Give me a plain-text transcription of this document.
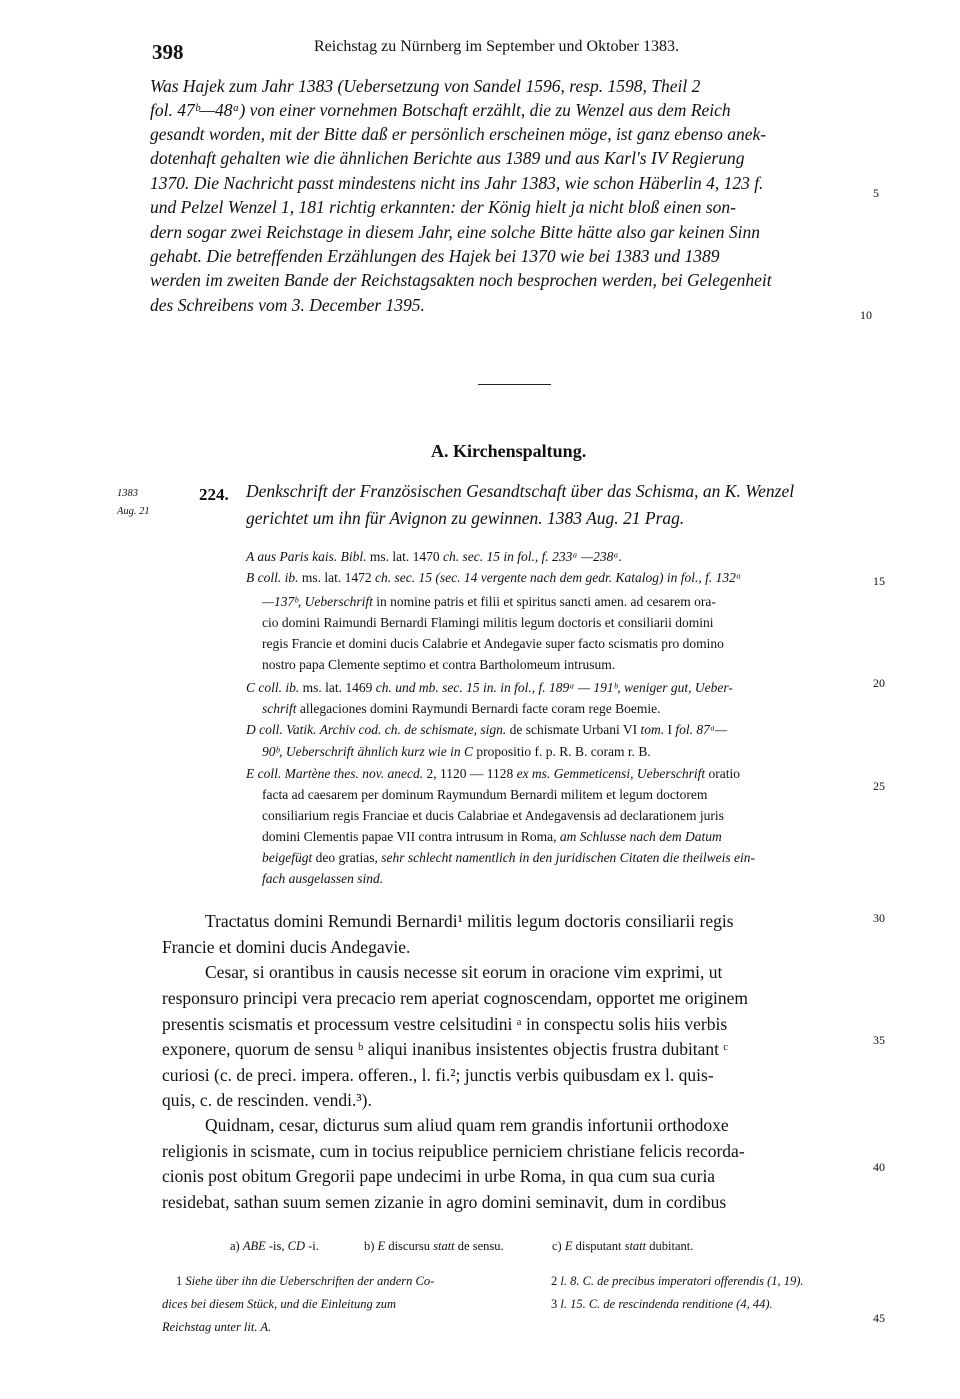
398	Reichstag zu Nürnberg im September und Oktober 1383.
Was Hajek zum Jahr 1383 (Uebersetzung von Sandel 1596, resp. 1598, Theil 2
fol. 47ᵇ—48ᵃ) von einer vornehmen Botschaft erzählt, die zu Wenzel aus dem Reich
gesandt worden, mit der Bitte daß er persönlich erscheinen möge, ist ganz ebenso anek-
dotenhaft gehalten wie die ähnlichen Berichte aus 1389 und aus Karl's IV Regierung
1370. Die Nachricht passt mindestens nicht ins Jahr 1383, wie schon Häberlin 4, 123 f.
und Pelzel Wenzel 1, 181 richtig erkannten: der König hielt ja nicht bloß einen son-
dern sogar zwei Reichstage in diesem Jahr, eine solche Bitte hätte also gar keinen Sinn
gehabt. Die betreffenden Erzählungen des Hajek bei 1370 wie bei 1383 und 1389
werden im zweiten Bande der Reichstagsakten noch besprochen werden, bei Gelegenheit
des Schreibens vom 3. December 1395.
5
10
15
20
25
30
35
40
45
A. Kirchenspaltung.
1383
Aug. 21
224. Denkschrift der Französischen Gesandtschaft über das Schisma, an K. Wenzel
gerichtet um ihn für Avignon zu gewinnen. 1383 Aug. 21 Prag.
A aus Paris kais. Bibl. ms. lat. 1470 ch. sec. 15 in fol., f. 233ᵃ —238ᵃ.
B coll. ib. ms. lat. 1472 ch. sec. 15 (sec. 14 vergente nach dem gedr. Katalog) in fol., f. 132ᵃ
—137ᵇ, Ueberschrift in nomine patris et filii et spiritus sancti amen. ad cesarem ora-
cio domini Raimundi Bernardi Flamingi militis legum doctoris et consiliarii domini
regis Francie et domini ducis Calabrie et Andegavie super facto scismatis pro domino
nostro papa Clemente septimo et contra Bartholomeum intrusum.
C coll. ib. ms. lat. 1469 ch. und mb. sec. 15 in. in fol., f. 189ᵃ — 191ᵇ, weniger gut, Ueber-
schrift allegaciones domini Raymundi Bernardi facte coram rege Boemie.
D coll. Vatik. Archiv cod. ch. de schismate, sign. de schismate Urbani VI tom. I fol. 87ᵃ—
90ᵇ, Ueberschrift ähnlich kurz wie in C propositio f. p. R. B. coram r. B.
E coll. Martène thes. nov. anecd. 2, 1120 — 1128 ex ms. Gemmeticensi, Ueberschrift oratio
facta ad caesarem per dominum Raymundum Bernardi militem et legum doctorem
consiliarium regis Franciae et ducis Calabriae et Andegavensis ad declarationem juris
domini Clementis papae VII contra intrusum in Roma, am Schlusse nach dem Datum
beigefügt deo gratias, sehr schlecht namentlich in den juridischen Citaten die theilweis ein-
fach ausgelassen sind.
Tractatus domini Remundi Bernardi¹ militis legum doctoris consiliarii regis
Francie et domini ducis Andegavie.
Cesar, si orantibus in causis necesse sit eorum in oracione vim exprimi, ut
responsuro principi vera precacio rem aperiat cognoscendam, opportet me originem
presentis scismatis et processum vestre celsitudini ᵃ in conspectu solis hiis verbis
exponere, quorum de sensu ᵇ aliqui inanibus insistentes objectis frustra dubitant ᶜ
curiosi (c. de preci. impera. offeren., l. fi.²; junctis verbis quibusdam ex l. quis-
quis, c. de rescinden. vendi.³).
Quidnam, cesar, dicturus sum aliud quam rem grandis infortunii orthodoxe
religionis in scismate, cum in tocius reipublice perniciem christiane felicis recorda-
cionis post obitum Gregorii pape undecimi in urbe Roma, in qua cum sua curia
residebat, sathan suum semen zizanie in agro domini seminavit, dum in cordibus
a) ABE -is, CD -i.	b) E discursu statt de sensu.	c) E disputant statt dubitant.
1 Siehe über ihn die Ueberschriften der andern Co-
dices bei diesem Stück, und die Einleitung zum
Reichstag unter lit. A.
2 l. 8. C. de precibus imperatori offerendis (1, 19).
3 l. 15. C. de rescindenda renditione (4, 44).
